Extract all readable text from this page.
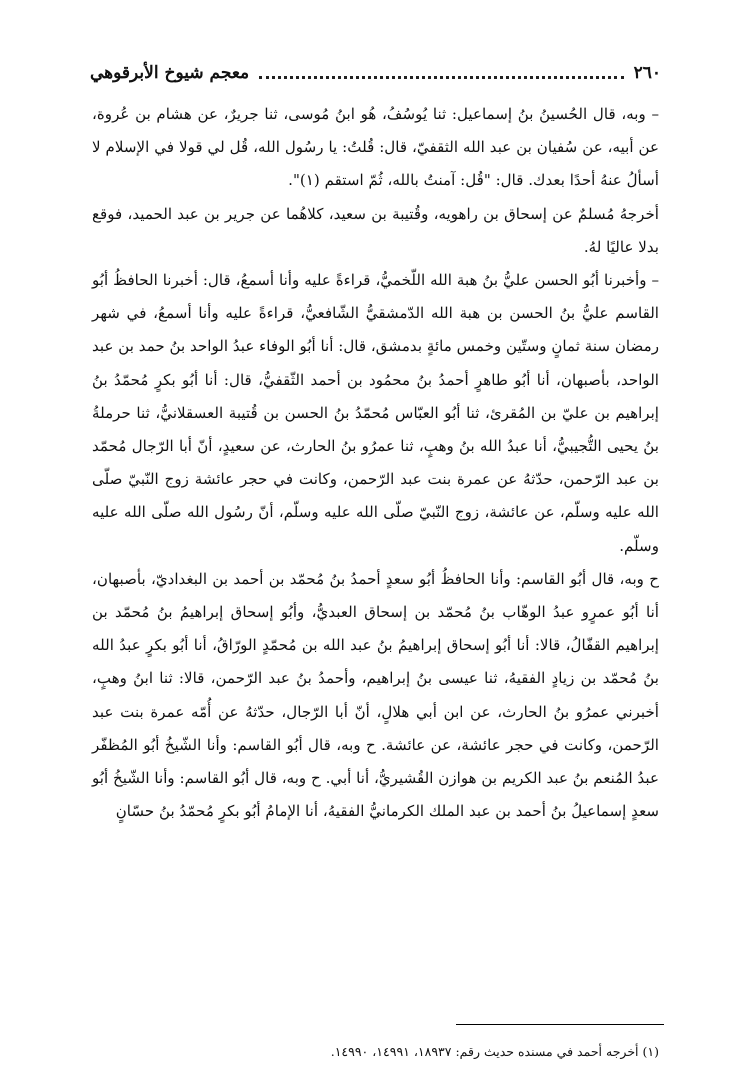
٢٦٠
معجم شيوخ الأبرقوهي

– وبه، قال الحُسينُ بنُ إسماعيل: ثنا يُوسُفُ، هُو ابنُ مُوسى، ثنا جريرٌ، عن هشام بن عُروة، عن أبيه، عن سُفيان بن عبد الله الثقفيّ، قال: قُلتُ: يا رسُول الله، قُل لي قولا في الإسلام لا أسألُ عنهُ أحدًا بعدك. قال: "قُل: آمنتُ بالله، ثُمّ استقم (١)".

أخرجهُ مُسلمٌ عن إسحاق بن راهويه، وقُتيبة بن سعيد، كلاهُما عن جرير بن عبد الحميد، فوقع بدلا عاليًا لهُ.

– وأخبرنا أبُو الحسن عليُّ بنُ هبة الله اللّخميُّ، قراءةً عليه وأنا أسمعُ، قال: أخبرنا الحافظُ أبُو القاسم عليُّ بنُ الحسن بن هبة الله الدّمشقيُّ الشّافعيُّ، قراءةً عليه وأنا أسمعُ، في شهر رمضان سنة ثمانٍ وستّين وخمس مائةٍ بدمشق، قال: أنا أبُو الوفاء عبدُ الواحد بنُ حمد بن عبد الواحد، بأصبهان، أنا أبُو طاهرٍ أحمدُ بنُ محمُود بن أحمد الثّقفيُّ، قال: أنا أبُو بكرٍ مُحمّدُ بنُ إبراهيم بن عليّ بن المُقرئ، ثنا أبُو العبّاس مُحمّدُ بنُ الحسن بن قُتيبة العسقلانيُّ، ثنا حرملةُ بنُ يحيى التُّجيبيُّ، أنا عبدُ الله بنُ وهبٍ، ثنا عمرُو بنُ الحارث، عن سعيدٍ، أنّ أبا الرّجال مُحمّد بن عبد الرّحمن، حدّثهُ عن عمرة بنت عبد الرّحمن، وكانت في حجر عائشة زوج النّبيّ صلّى الله عليه وسلّم، عن عائشة، زوج النّبيّ صلّى الله عليه وسلّم، أنّ رسُول الله صلّى الله عليه وسلّم.

ح وبه، قال أبُو القاسم: وأنا الحافظُ أبُو سعدٍ أحمدُ بنُ مُحمّد بن أحمد بن البغداديّ، بأصبهان، أنا أبُو عمرٍو عبدُ الوهّاب بنُ مُحمّد بن إسحاق العبديُّ، وأبُو إسحاق إبراهيمُ بنُ مُحمّد بن إبراهيم القفّالُ، قالا: أنا أبُو إسحاق إبراهيمُ بنُ عبد الله بن مُحمّدٍ الورّاقُ، أنا أبُو بكرٍ عبدُ الله بنُ مُحمّد بن زيادٍ الفقيهُ، ثنا عيسى بنُ إبراهيم، وأحمدُ بنُ عبد الرّحمن، قالا: ثنا ابنُ وهبٍ، أخبرني عمرُو بنُ الحارث، عن ابن أبي هلالٍ، أنّ أبا الرّجال، حدّثهُ عن أُمّه عمرة بنت عبد الرّحمن، وكانت في حجر عائشة، عن عائشة. ح وبه، قال أبُو القاسم: وأنا الشّيخُ أبُو المُظفّر عبدُ المُنعم بنُ عبد الكريم بن هوازن القُشيريُّ، أنا أبي. ح وبه، قال أبُو القاسم: وأنا الشّيخُ أبُو سعدٍ إسماعيلُ بنُ أحمد بن عبد الملك الكرمانيُّ الفقيهُ، أنا الإمامُ أبُو بكرٍ مُحمّدُ بنُ حسّانٍ

(١) أخرجه أحمد في مسنده حديث رقم: ١٨٩٣٧، ١٤٩٩١، ١٤٩٩٠.
